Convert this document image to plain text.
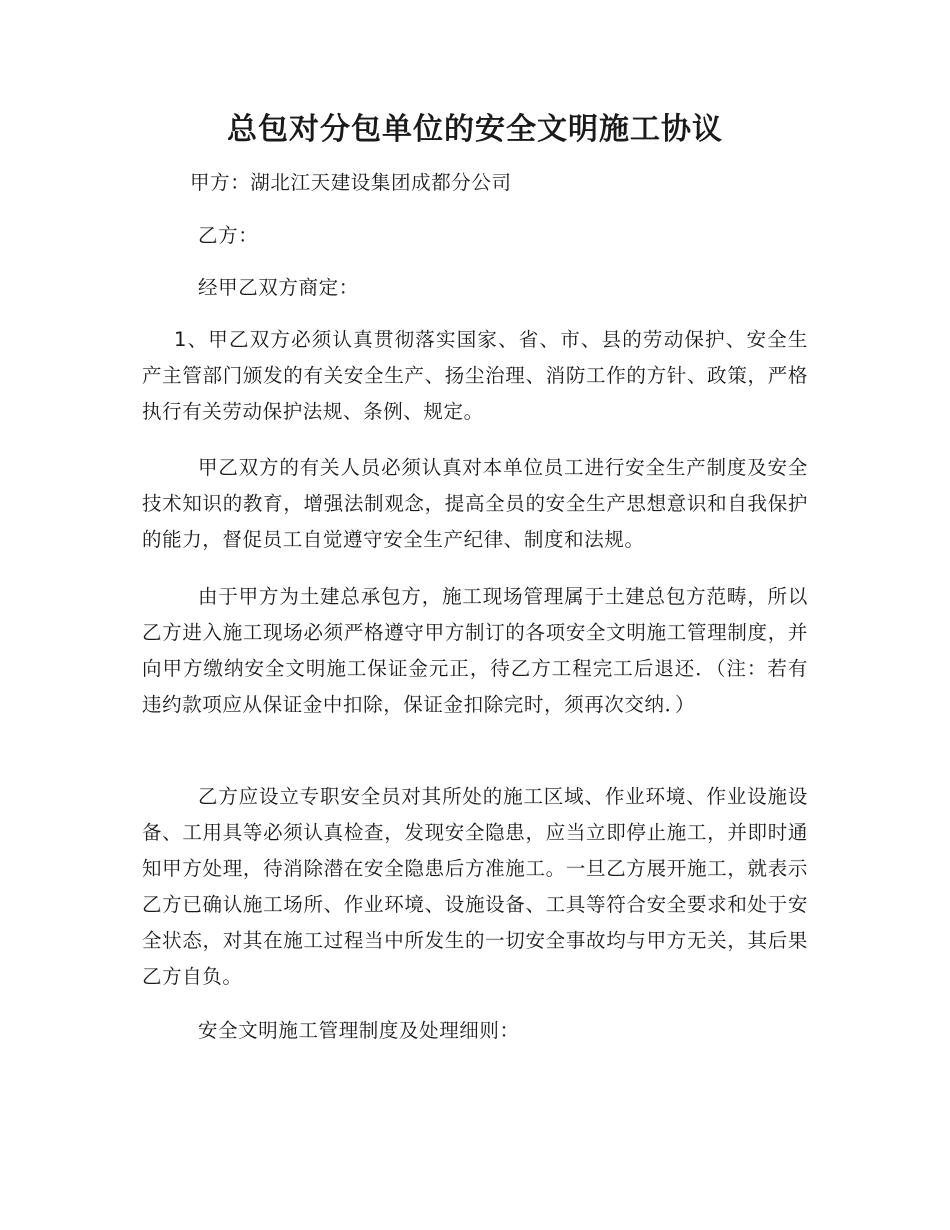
总包对分包单位的安全文明施工协议

甲方：湖北江天建设集团成都分公司

乙方：

经甲乙双方商定：

1、甲乙双方必须认真贯彻落实国家、省、市、县的劳动保护、安全生产主管部门颁发的有关安全生产、扬尘治理、消防工作的方针、政策，严格执行有关劳动保护法规、条例、规定。

甲乙双方的有关人员必须认真对本单位员工进行安全生产制度及安全技术知识的教育，增强法制观念，提高全员的安全生产思想意识和自我保护的能力，督促员工自觉遵守安全生产纪律、制度和法规。

由于甲方为土建总承包方，施工现场管理属于土建总包方范畴，所以乙方进入施工现场必须严格遵守甲方制订的各项安全文明施工管理制度，并向甲方缴纳安全文明施工保证金元正，待乙方工程完工后退还．（注：若有违约款项应从保证金中扣除，保证金扣除完时，须再次交纳．）

乙方应设立专职安全员对其所处的施工区域、作业环境、作业设施设备、工用具等必须认真检查，发现安全隐患，应当立即停止施工，并即时通知甲方处理，待消除潜在安全隐患后方准施工。一旦乙方展开施工，就表示乙方已确认施工场所、作业环境、设施设备、工具等符合安全要求和处于安全状态，对其在施工过程当中所发生的一切安全事故均与甲方无关，其后果乙方自负。

安全文明施工管理制度及处理细则：
